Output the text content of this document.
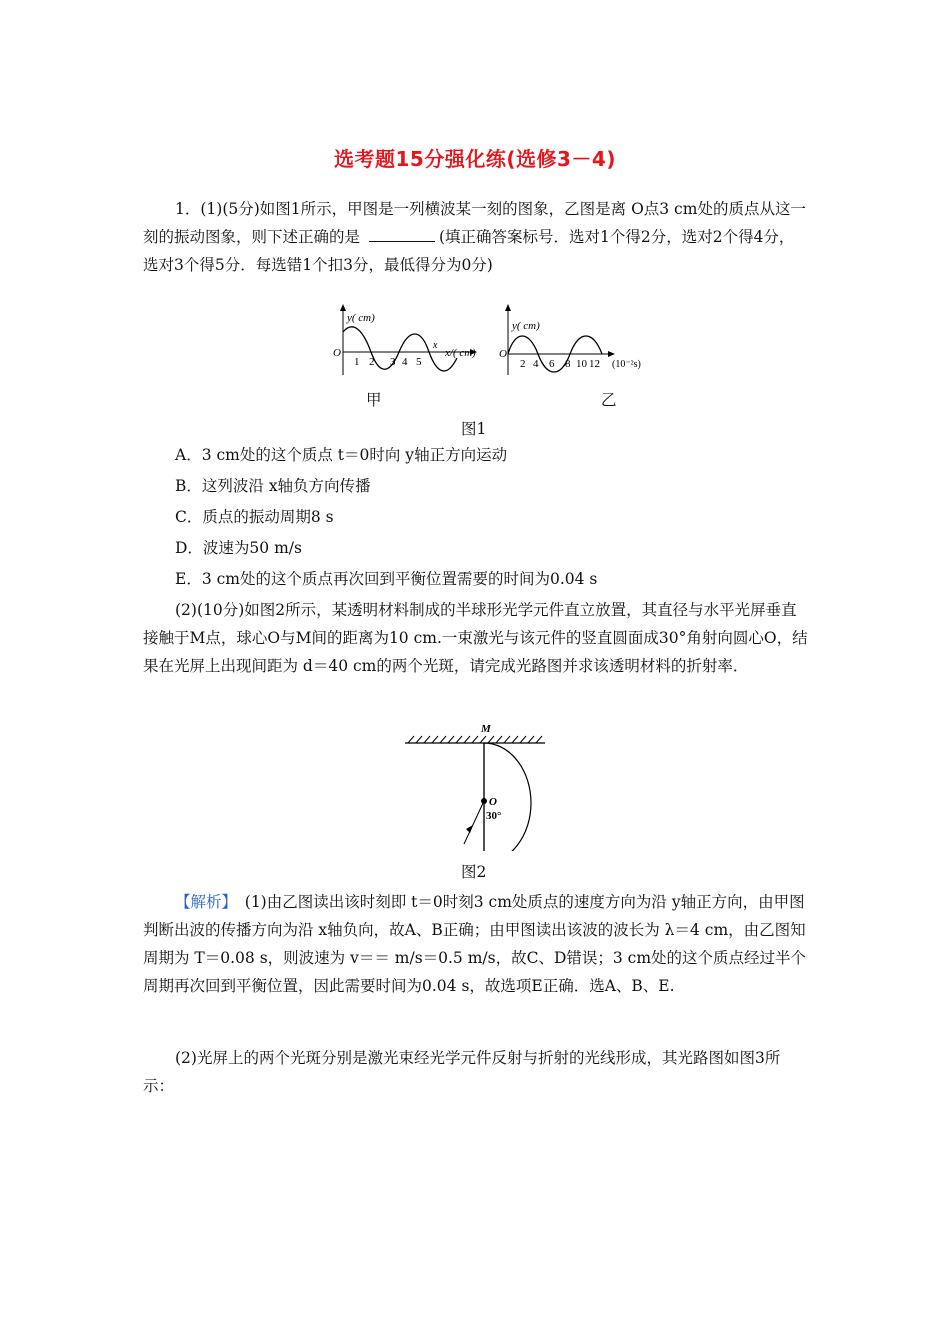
选考题15分强化练(选修3－4)

1．(1)(5分)如图1所示，甲图是一列横波某一刻的图象，乙图是离 O点3 cm处的质点从这一刻的振动图象，则下述正确的是	(填正确答案标号．选对1个得2分，选对2个得4分，选对3个得5分．每选错1个扣3分，最低得分为0分)

y( cm)
O
1 2 3 4 5
x
x/( cm)
y( cm)
O
2 4 6 8 10 12 (10⁻²s)
甲	乙
图1
A．3 cm处的这个质点 t＝0时向 y轴正方向运动
B．这列波沿 x轴负方向传播
C．质点的振动周期8 s
D．波速为50 m/s
E．3 cm处的这个质点再次回到平衡位置需要的时间为0.04 s

(2)(10分)如图2所示，某透明材料制成的半球形光学元件直立放置，其直径与水平光屏垂直接触于M点，球心O与M间的距离为10 cm.一束激光与该元件的竖直圆面成30°角射向圆心O，结果在光屏上出现间距为 d＝40 cm的两个光斑，请完成光路图并求该透明材料的折射率．

M
O
30°
图2

【解析】　(1)由乙图读出该时刻即 t＝0时刻3 cm处质点的速度方向为沿 y轴正方向，由甲图判断出波的传播方向为沿 x轴负向，故A、B正确；由甲图读出该波的波长为 λ＝4 cm，由乙图知周期为 T＝0.08 s，则波速为 v＝＝ m/s＝0.5 m/s，故C、D错误；3 cm处的这个质点经过半个周期再次回到平衡位置，因此需要时间为0.04 s，故选项E正确．选A、B、E.

(2)光屏上的两个光斑分别是激光束经光学元件反射与折射的光线形成，其光路图如图3所示：
